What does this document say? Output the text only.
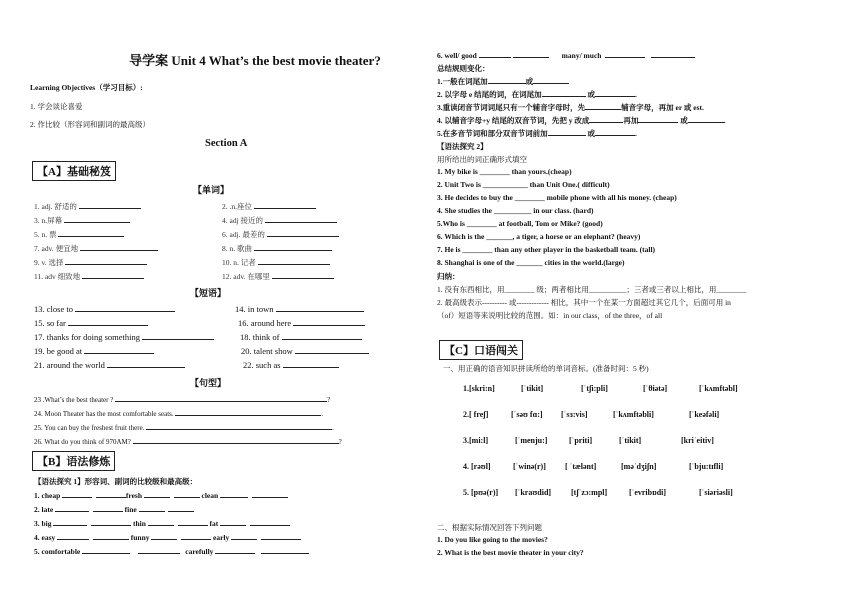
导学案 Unit 4 What’s the best movie theater?
Learning Objectives（学习目标）:
1. 学会谈论喜爱
2. 作比较（形容词和副词的最高级）
Section A
【A】基础秘笈
【单词】
1. adj. 舒适的	2. .n.座位
3. n.屏幕	4. adj 接近的
5. n. 票	6. adj. 最差的
7. adv. 便宜地	8. n. 歌曲
9. v. 选择	10. n. 记者
11. adv 细致地	12. adv. 在哪里
【短语】
13. close to	14. in town
15. so far	16. around here
17. thanks for doing something	18. think of
19. be good at	20. talent show
21. around the world	22. such as
【句型】
23 .What’s the best theater ?	?
24. Moon Theater has the most comfortable seats.	.
25. You can buy the freshest fruit there.	.
26. What do you think of 970AM?	?
【B】语法修炼
【语法探究 1】形容词、副词的比较级和最高级：
1. cheap	fresh	clean
2. late	fine
3. big	thin	fat
4. easy	funny	early
5. comfortable	carefully
6. well/ good	many/ much
总结规则变化：
1.一般在词尾加	或
2. 以字母 e 结尾的词，在词尾加	或	.
3.重读闭音节词词尾只有一个辅音字母时，先	辅音字母，再加 er 或 est.
4. 以辅音字母+y 结尾的双音节词，先把 y 改成	再加	或	.
5.在多音节词和部分双音节词前加	或	.
【语法探究 2】
用所给出的词正确形式填空
1. My bike is ________ than yours.(cheap)
2. Unit Two is ____________ than Unit One.( difficult)
3. He decides to buy the ________ mobile phone with all his money. (cheap)
4. She studies the __________ in our class. (hard)
5.Who is ________ at football, Tom or Mike? (good)
6. Which is the _______, a tiger, a horse or an elephant? (heavy)
7. He is ________ than any other player in the basketball team. (tall)
8. Shanghai is one of the _______ cities in the world.(large)
归纳：
1. 没有东西相比，用________ 级；两者相比用__________；三者或三者以上相比，用________
2. 最高级表示---------- 或------------- 相比，其中一个在某一方面超过其它几个，后面可用 in
（of）短语等来说明比较的范围。如：in our class，of the three，of all
【C】口语闯关
一、用正确的语音知识拼读所给的单词音标。(准备时间：5 秒)
1.[skri:n]	[ˈtikit]	[ˈtʃi:pli]	[ˈθiətə]	[ˈkʌmftəbl]
2.[ freʃ]	[ˈsəʊ fɑ:] [ˈsɜ:vis]	[ˈkʌmftəbli]	[ˈkeəfəli]
3.[mi:l]	[ˈmenju:]	[ˈpriti]	[ˈtikit]	[kriˈeitiv]
4. [rəʊl]	[ˈwinə(r)] [ ˈtælənt]	[məˈdʒiʃn]	[ˈbju:tɪfli]
5. [pʊə(r)] [ˈkraʊdid] [tʃˈzɔ:mpl]	[ˈevribɒdi]	[ˈsiəriəsli]
二、根据实际情况回答下列问题
1. Do you like going to the movies?
2. What is the best movie theater in your city?
